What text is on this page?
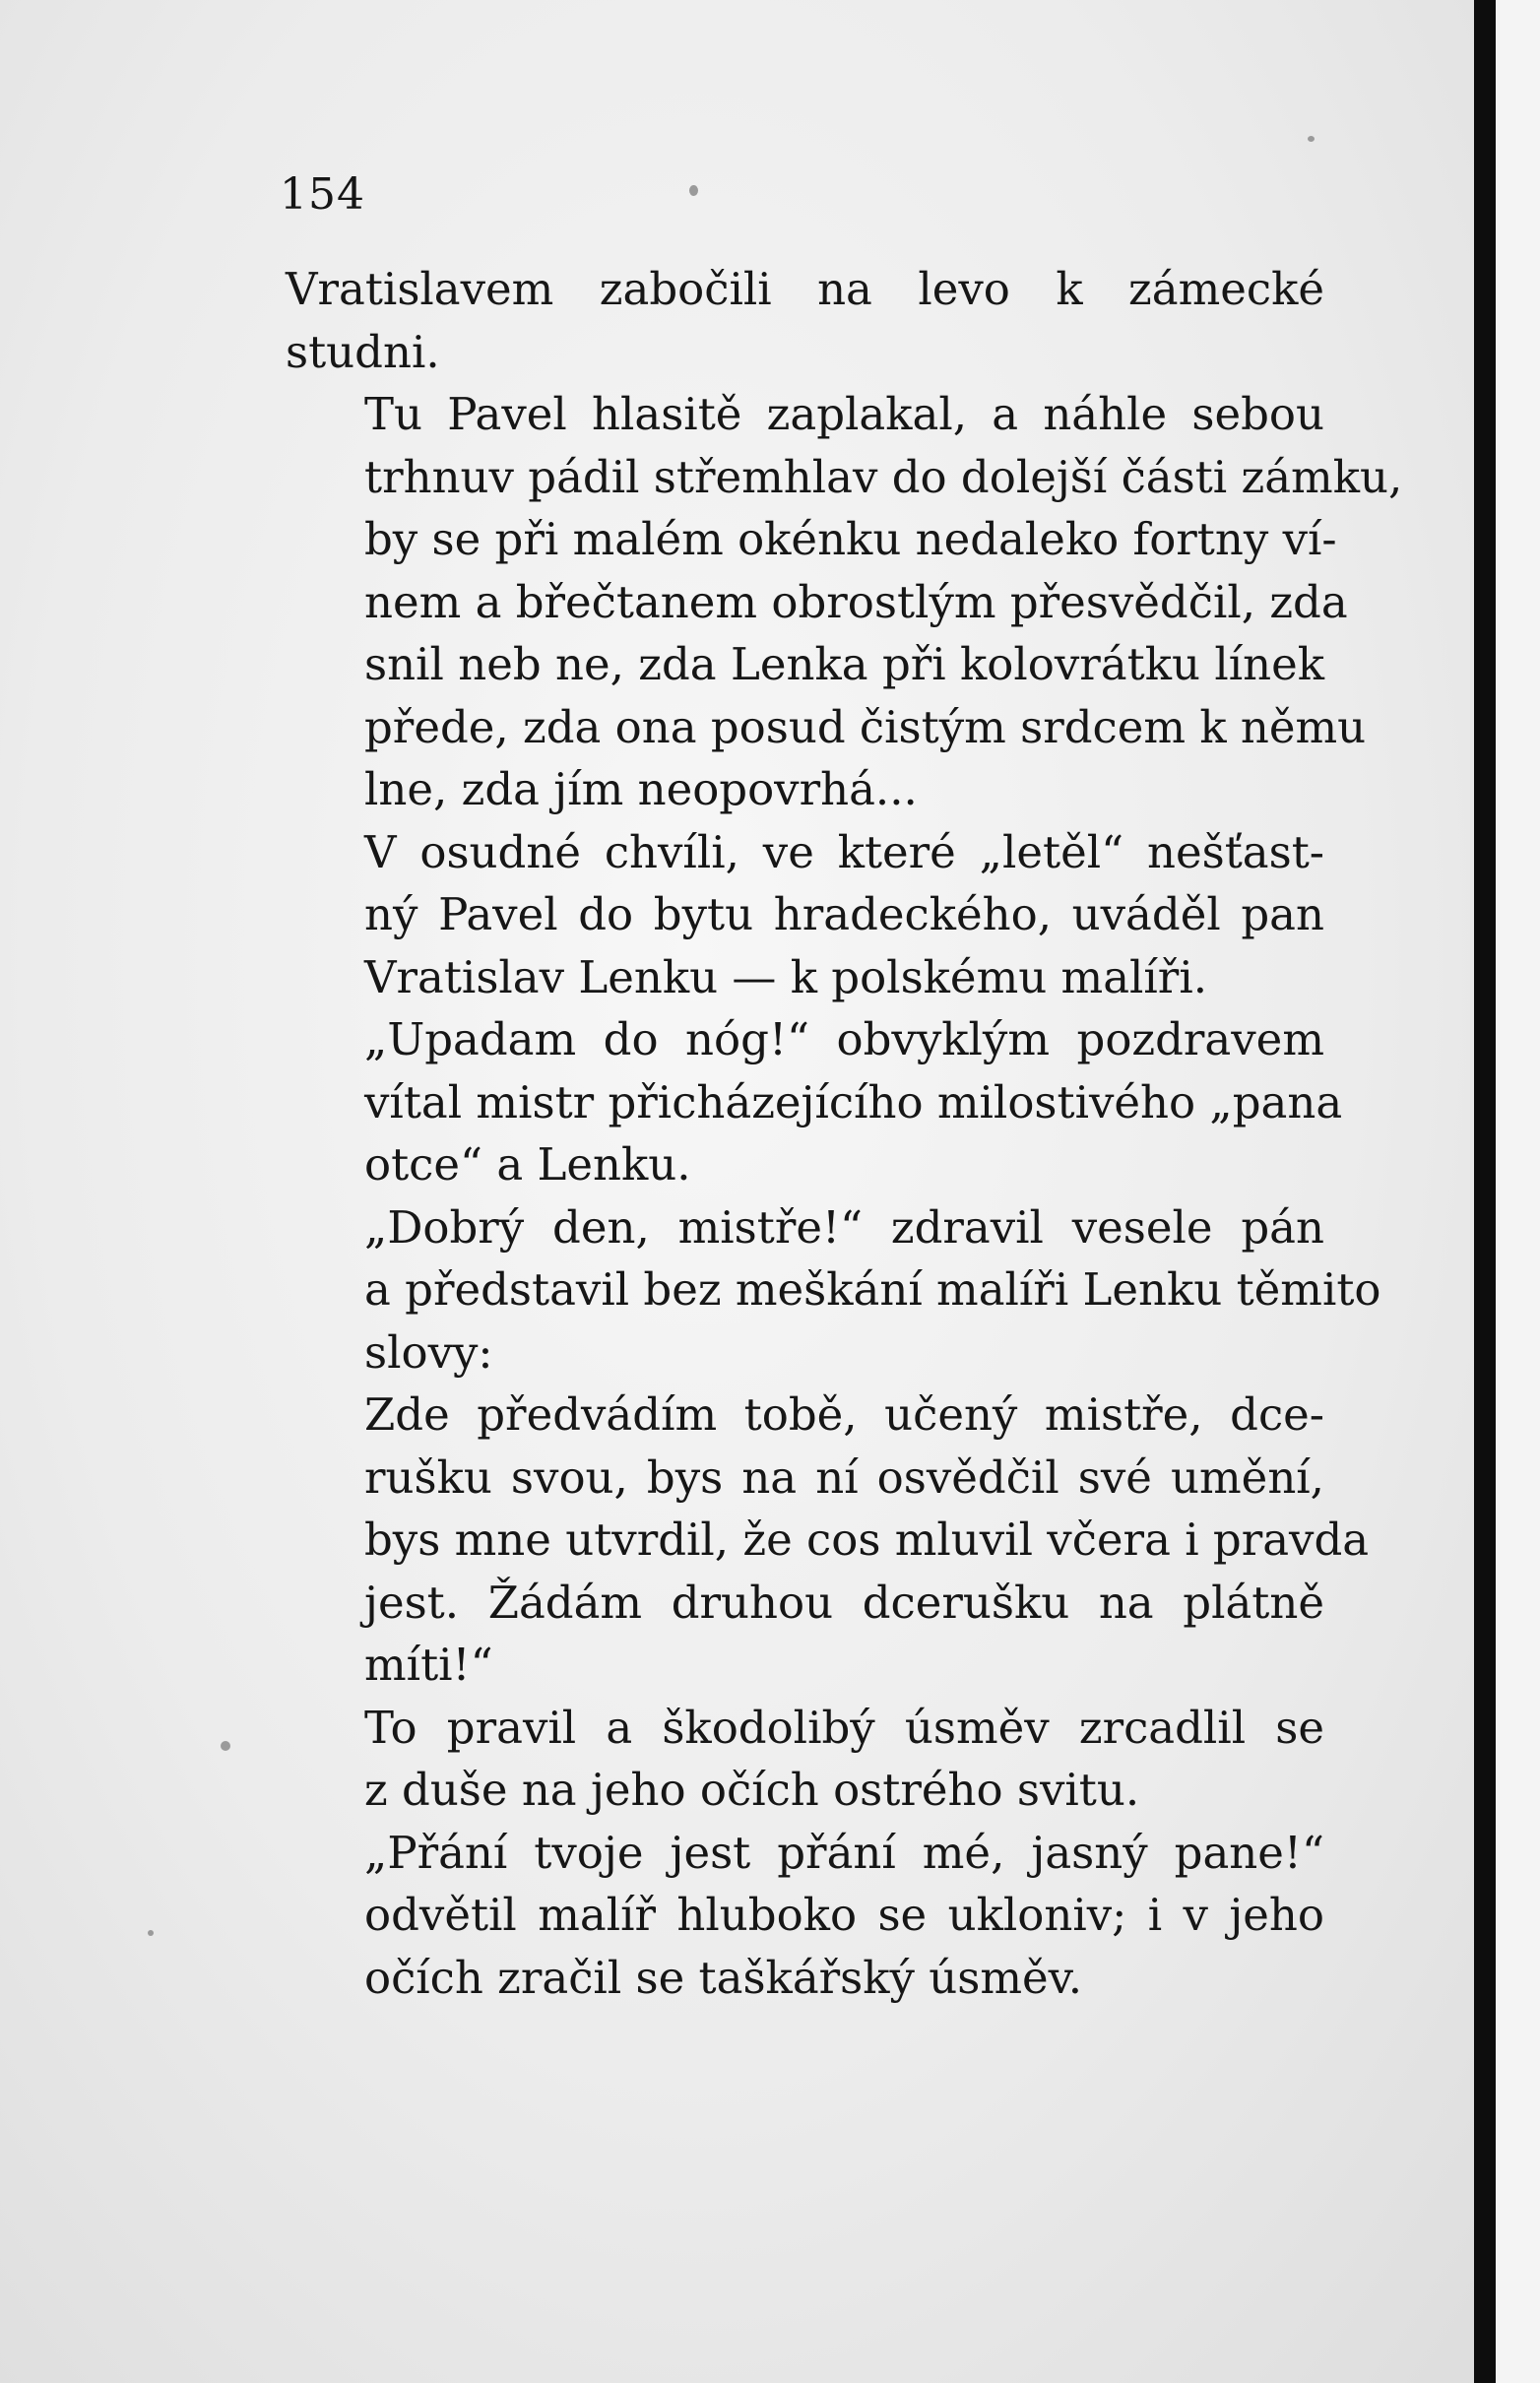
154

Vratislavem zabočili na levo k zámecké
studni.

Tu Pavel hlasitě zaplakal, a náhle sebou
trhnuv pádil střemhlav do dolejší části zámku,
by se při malém okénku nedaleko fortny ví-
nem a břečtanem obrostlým přesvědčil, zda
snil neb ne, zda Lenka při kolovrátku línek
přede, zda ona posud čistým srdcem k němu
lne, zda jím neopovrhá...

V osudné chvíli, ve které „letěl“ nešťast-
ný Pavel do bytu hradeckého, uváděl pan
Vratislav Lenku — k polskému malíři.

„Upadam do nóg!“ obvyklým pozdravem
vítal mistr přicházejícího milostivého „pana
otce“ a Lenku.

„Dobrý den, mistře!“ zdravil vesele pán
a představil bez meškání malíři Lenku těmito
slovy:

Zde předvádím tobě, učený mistře, dce-
rušku svou, bys na ní osvědčil své umění,
bys mne utvrdil, že cos mluvil včera i pravda
jest. Žádám druhou dcerušku na plátně
míti!“

To pravil a škodolibý úsměv zrcadlil se
z duše na jeho očích ostrého svitu.

„Přání tvoje jest přání mé, jasný pane!“
odvětil malíř hluboko se ukloniv; i v jeho
očích zračil se taškářský úsměv.
